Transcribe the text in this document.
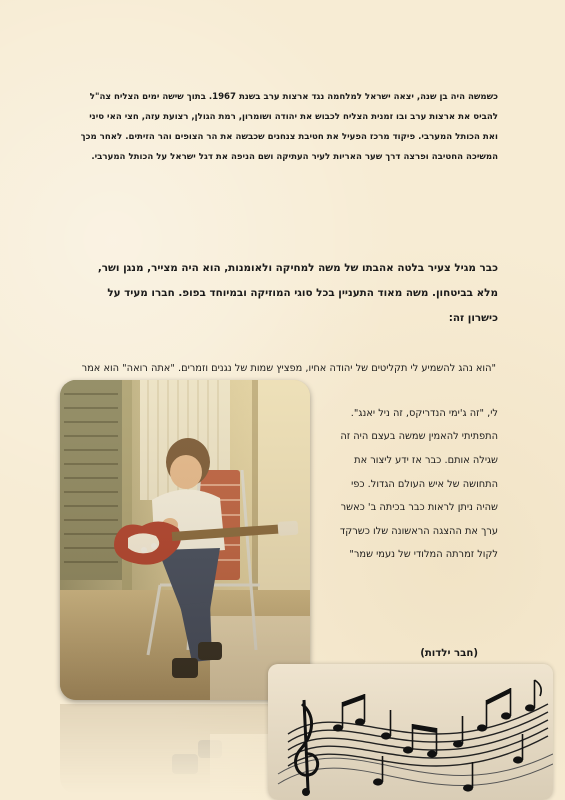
כשמשה היה בן שנה, יצאה ישראל למלחמה נגד ארצות ערב בשנת 1967. בתוך שישה ימים הצליח צה"ל להביס את ארצות ערב ובו זמנית הצליח לכבוש את יהודה ושומרון, רמת הגולן, רצועת עזה, חצי האי סיני ואת הכותל המערבי. פיקוד מרכז הפעיל את חטיבת צנחנים שכבשה את הר הצופים והר הזיתים. לאחר מכך המשיכה החטיבה ופרצה דרך שער האריות לעיר העתיקה ושם הניפה את דגל ישראל על הכותל המערבי.

כבר מגיל צעיר בלטה אהבתו של משה למחיקה ולאומנות, הוא היה מצייר, מנגן ושר, מלא בביטחון. משה מאוד התעניין בכל סוגי המוזיקה ובמיוחד בפופ. חברו מעיד על כישרון זה:

"הוא נהג להשמיע לי תקליטים של יהודה אחיו, מפציץ שמות של נגנים וזמרים. "אתה רואה" הוא אמר

לי, "זה ג'ימי הנדריקס, זה ניל יאנג". התפתיתי להאמין שמשה בעצם היה זה שגילה אותם. כבר אז ידע ליצור את התחושה של איש העולם הגדול. כפי שהיה ניתן לראות כבר בכיתה ב' כאשר ערך את ההצגה הראשונה שלו כשרקד לקול זמרתה המלודי של נעמי שמר"

(חבר ילדות)
